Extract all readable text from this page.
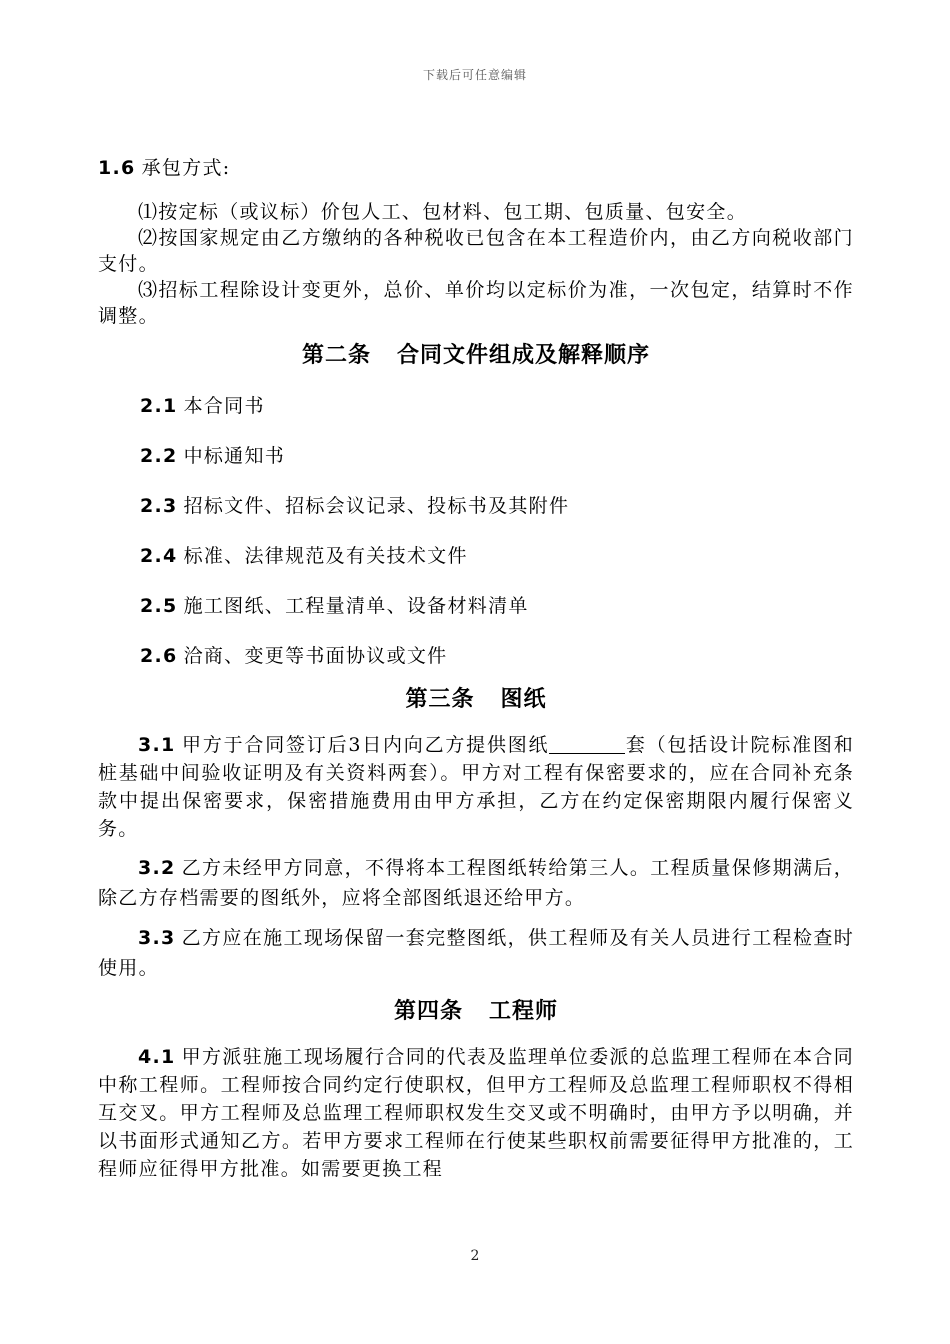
下载后可任意编辑

1.6 承包方式:

⑴按定标（或议标）价包人工、包材料、包工期、包质量、包安全。

⑵按国家规定由乙方缴纳的各种税收已包含在本工程造价内，由乙方向税收部门支付。

⑶招标工程除设计变更外，总价、单价均以定标价为准，一次包定，结算时不作调整。

第二条 合同文件组成及解释顺序

2.1 本合同书

2.2 中标通知书

2.3 招标文件、招标会议记录、投标书及其附件

2.4 标准、法律规范及有关技术文件

2.5 施工图纸、工程量清单、设备材料清单

2.6 洽商、变更等书面协议或文件

第三条 图纸

3.1 甲方于合同签订后3日内向乙方提供图纸	套（包括设计院标准图和桩基础中间验收证明及有关资料两套）。甲方对工程有保密要求的，应在合同补充条款中提出保密要求，保密措施费用由甲方承担，乙方在约定保密期限内履行保密义务。

3.2 乙方未经甲方同意，不得将本工程图纸转给第三人。工程质量保修期满后，除乙方存档需要的图纸外，应将全部图纸退还给甲方。

3.3 乙方应在施工现场保留一套完整图纸，供工程师及有关人员进行工程检查时使用。

第四条 工程师

4.1 甲方派驻施工现场履行合同的代表及监理单位委派的总监理工程师在本合同中称工程师。工程师按合同约定行使职权，但甲方工程师及总监理工程师职权不得相互交叉。甲方工程师及总监理工程师职权发生交叉或不明确时，由甲方予以明确，并以书面形式通知乙方。若甲方要求工程师在行使某些职权前需要征得甲方批准的，工程师应征得甲方批准。如需要更换工程

2
